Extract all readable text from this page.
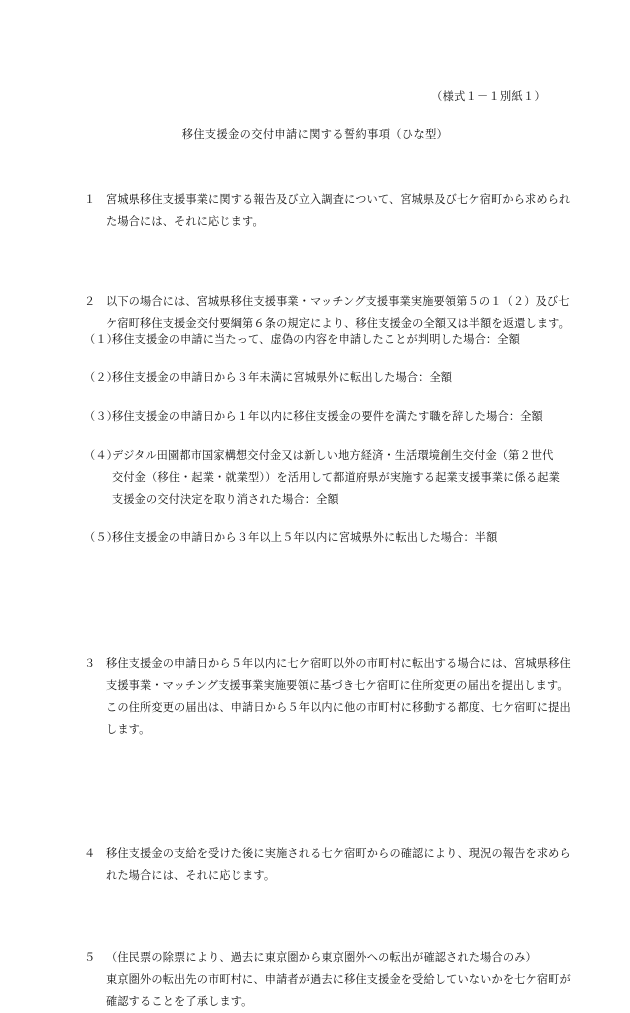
（様式１－１別紙１）
移住支援金の交付申請に関する誓約事項（ひな型）
１ 宮城県移住支援事業に関する報告及び立入調査について、宮城県及び七ケ宿町から求められた場合には、それに応じます。
２ 以下の場合には、宮城県移住支援事業・マッチング支援事業実施要領第５の１（２）及び七ケ宿町移住支援金交付要綱第６条の規定により、移住支援金の全額又は半額を返還します。
（１）
移住支援金の申請に当たって、虚偽の内容を申請したことが判明した場合：全額
（２）
移住支援金の申請日から３年未満に宮城県外に転出した場合：全額
（３）
移住支援金の申請日から１年以内に移住支援金の要件を満たす職を辞した場合：全額
（４）
デジタル田園都市国家構想交付金又は新しい地方経済・生活環境創生交付金（第２世代交付金（移住・起業・就業型））を活用して都道府県が実施する起業支援事業に係る起業支援金の交付決定を取り消された場合：全額
（５）
移住支援金の申請日から３年以上５年以内に宮城県外に転出した場合：半額
３ 移住支援金の申請日から５年以内に七ケ宿町以外の市町村に転出する場合には、宮城県移住支援事業・マッチング支援事業実施要領に基づき七ケ宿町に住所変更の届出を提出します。この住所変更の届出は、申請日から５年以内に他の市町村に移動する都度、七ケ宿町に提出します。
４ 移住支援金の支給を受けた後に実施される七ケ宿町からの確認により、現況の報告を求められた場合には、それに応じます。
５ （住民票の除票により、過去に東京圏から東京圏外への転出が確認された場合のみ）
東京圏外の転出先の市町村に、申請者が過去に移住支援金を受給していないかを七ケ宿町が確認することを了承します。
